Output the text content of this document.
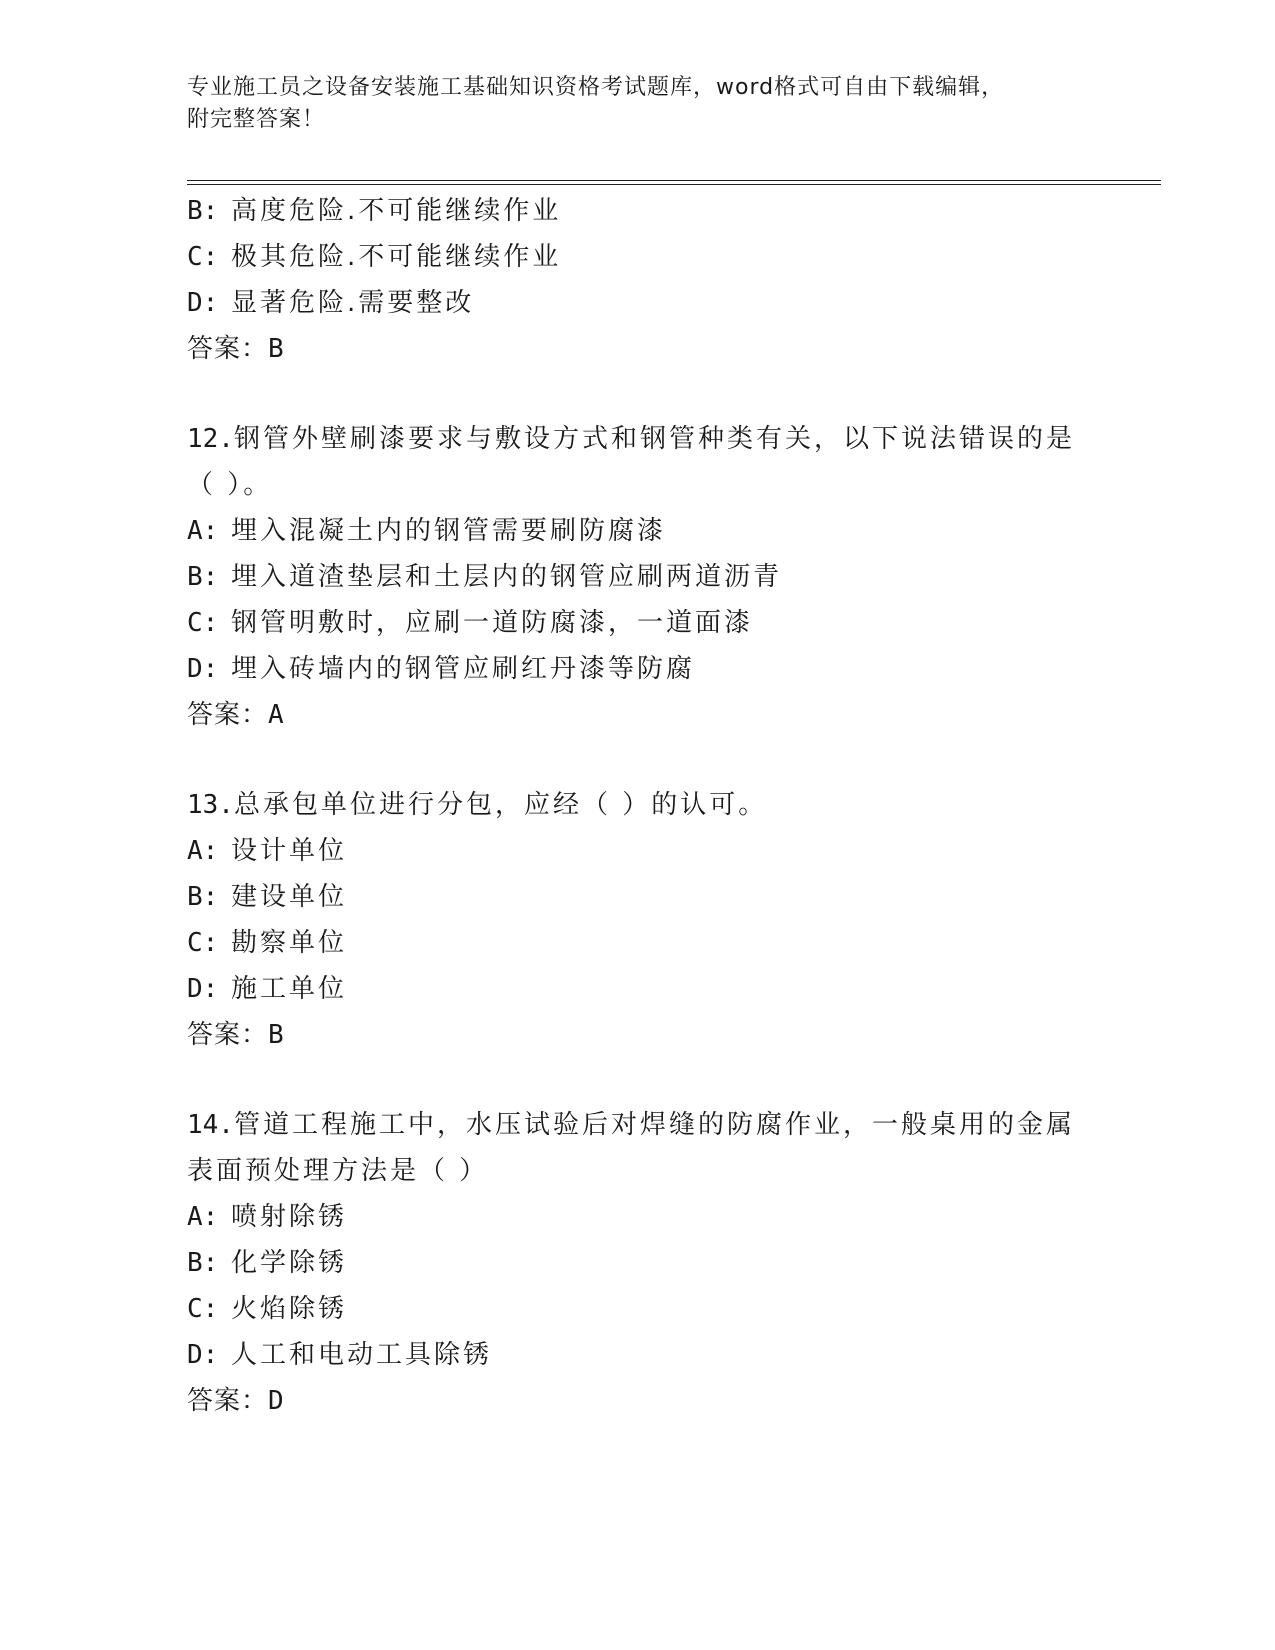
专业施工员之设备安装施工基础知识资格考试题库，word格式可自由下载编辑，
附完整答案！
B: 高度危险.不可能继续作业
C: 极其危险.不可能继续作业
D: 显著危险.需要整改
答案：B
12.钢管外壁刷漆要求与敷设方式和钢管种类有关，以下说法错误的是
（ ）。
A: 埋入混凝土内的钢管需要刷防腐漆
B: 埋入道渣垫层和土层内的钢管应刷两道沥青
C: 钢管明敷时，应刷一道防腐漆，一道面漆
D: 埋入砖墙内的钢管应刷红丹漆等防腐
答案：A
13.总承包单位进行分包，应经（ ）的认可。
A: 设计单位
B: 建设单位
C: 勘察单位
D: 施工单位
答案：B
14.管道工程施工中，水压试验后对焊缝的防腐作业，一般桌用的金属
表面预处理方法是（ ）
A: 喷射除锈
B: 化学除锈
C: 火焰除锈
D: 人工和电动工具除锈
答案：D
